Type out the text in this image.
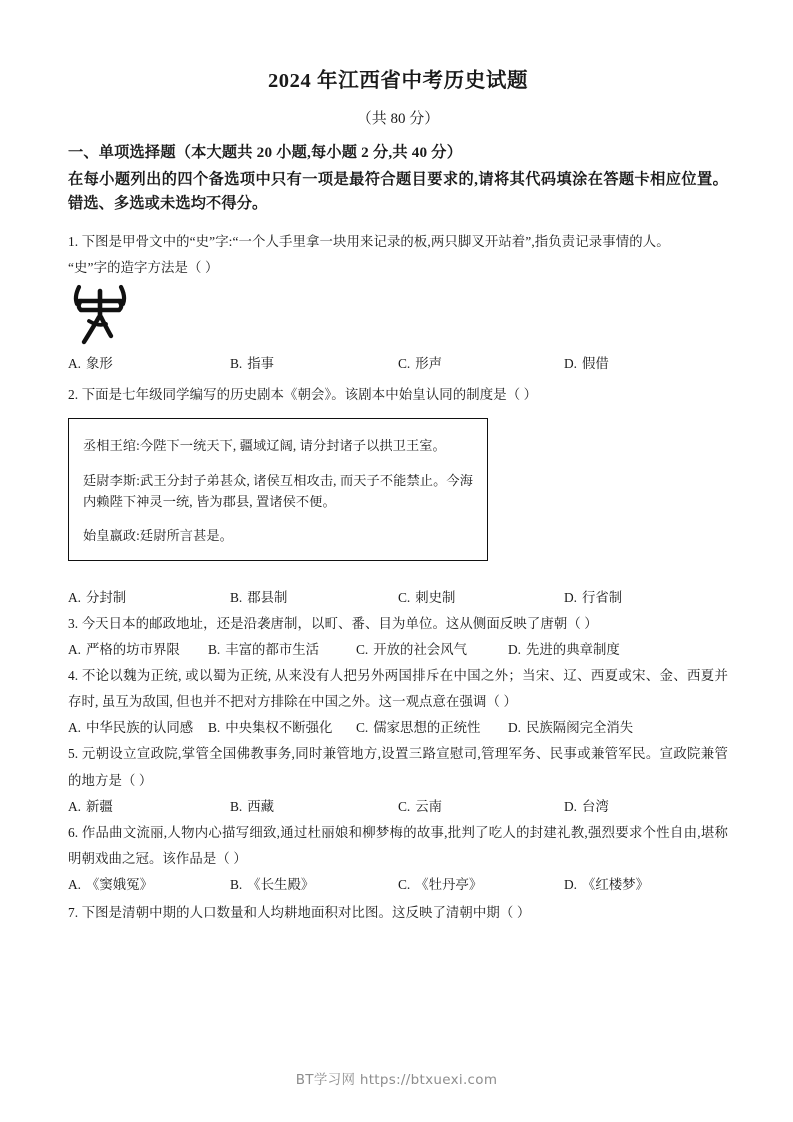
2024 年江西省中考历史试题
（共 80 分）
一、单项选择题（本大题共 20 小题,每小题 2 分,共 40 分）
在每小题列出的四个备选项中只有一项是最符合题目要求的,请将其代码填涂在答题卡相应位置。错选、多选或未选均不得分。
1. 下图是甲骨文中的“史”字:“一个人手里拿一块用来记录的板,两只脚叉开站着”,指负责记录事情的人。
“史”字的造字方法是（ ）
A. 象形	B. 指事	C. 形声	D. 假借
2. 下面是七年级同学编写的历史剧本《朝会》。该剧本中始皇认同的制度是（ ）
丞相王绾:今陛下一统天下, 疆域辽阔, 请分封诸子以拱卫王室。
廷尉李斯:武王分封子弟甚众, 诸侯互相攻击, 而天子不能禁止。今海内赖陛下神灵一统, 皆为郡县, 置诸侯不便。
始皇嬴政:廷尉所言甚是。
A. 分封制	B. 郡县制	C. 刺史制	D. 行省制
3. 今天日本的邮政地址，还是沿袭唐制，以町、番、目为单位。这从侧面反映了唐朝（ ）
A. 严格的坊市界限 B. 丰富的都市生活	C. 开放的社会风气	D. 先进的典章制度
4. 不论以魏为正统, 或以蜀为正统, 从来没有人把另外两国排斥在中国之外；当宋、辽、西夏或宋、金、西夏并存时, 虽互为敌国, 但也并不把对方排除在中国之外。这一观点意在强调（ ）
A. 中华民族的认同感 B. 中央集权不断强化 C. 儒家思想的正统性 D. 民族隔阂完全消失
5. 元朝设立宣政院,掌管全国佛教事务,同时兼管地方,设置三路宣慰司,管理军务、民事或兼管军民。宣政院兼管的地方是（ ）
A. 新疆	B. 西藏	C. 云南	D. 台湾
6. 作品曲文流丽,人物内心描写细致,通过杜丽娘和柳梦梅的故事,批判了吃人的封建礼教,强烈要求个性自由,堪称明朝戏曲之冠。该作品是（ ）
A. 《窦娥冤》	B. 《长生殿》	C. 《牡丹亭》	D. 《红楼梦》
7. 下图是清朝中期的人口数量和人均耕地面积对比图。这反映了清朝中期（ ）
BT学习网 https://btxuexi.com
